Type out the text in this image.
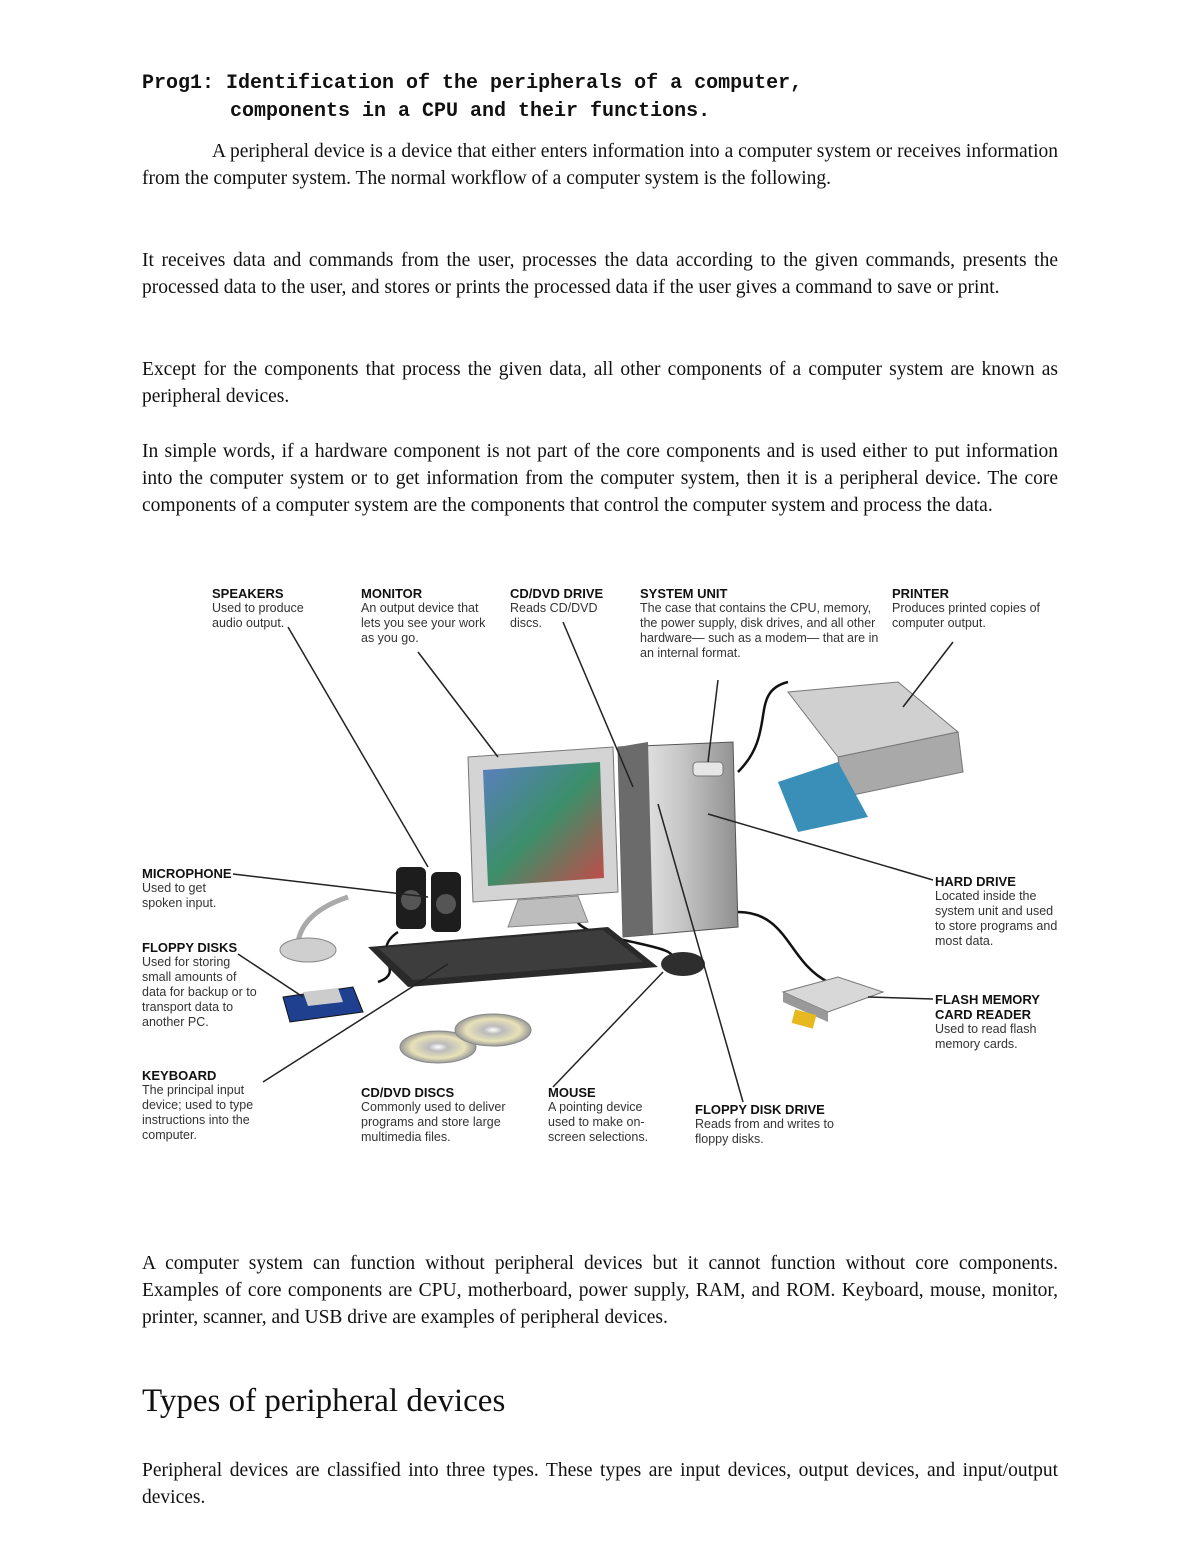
Prog1: Identification of the peripherals of a computer,
components in a CPU and their functions.

A peripheral device is a device that either enters information into a computer system or receives information from the computer system. The normal workflow of a computer system is the following.

It receives data and commands from the user, processes the data according to the given commands, presents the processed data to the user, and stores or prints the processed data if the user gives a command to save or print.

Except for the components that process the given data, all other components of a computer system are known as peripheral devices.

In simple words, if a hardware component is not part of the core components and is used either to put information into the computer system or to get information from the computer system, then it is a peripheral device. The core components of a computer system are the components that control the computer system and process the data.

SPEAKERS
Used to produce audio output.
MONITOR
An output device that lets you see your work as you go.
CD/DVD DRIVE
Reads CD/DVD discs.
SYSTEM UNIT
The case that contains the CPU, memory, the power supply, disk drives, and all other hardware— such as a modem— that are in an internal format.
PRINTER
Produces printed copies of computer output.
MICROPHONE
Used to get spoken input.
FLOPPY DISKS
Used for storing small amounts of data for backup or to transport data to another PC.
KEYBOARD
The principal input device; used to type instructions into the computer.
CD/DVD DISCS
Commonly used to deliver programs and store large multimedia files.
MOUSE
A pointing device used to make on-screen selections.
FLOPPY DISK DRIVE
Reads from and writes to floppy disks.
HARD DRIVE
Located inside the system unit and used to store programs and most data.
FLASH MEMORY CARD READER
Used to read flash memory cards.

A computer system can function without peripheral devices but it cannot function without core components. Examples of core components are CPU, motherboard, power supply, RAM, and ROM. Keyboard, mouse, monitor, printer, scanner, and USB drive are examples of peripheral devices.

Types of peripheral devices

Peripheral devices are classified into three types. These types are input devices, output devices, and input/output devices.
